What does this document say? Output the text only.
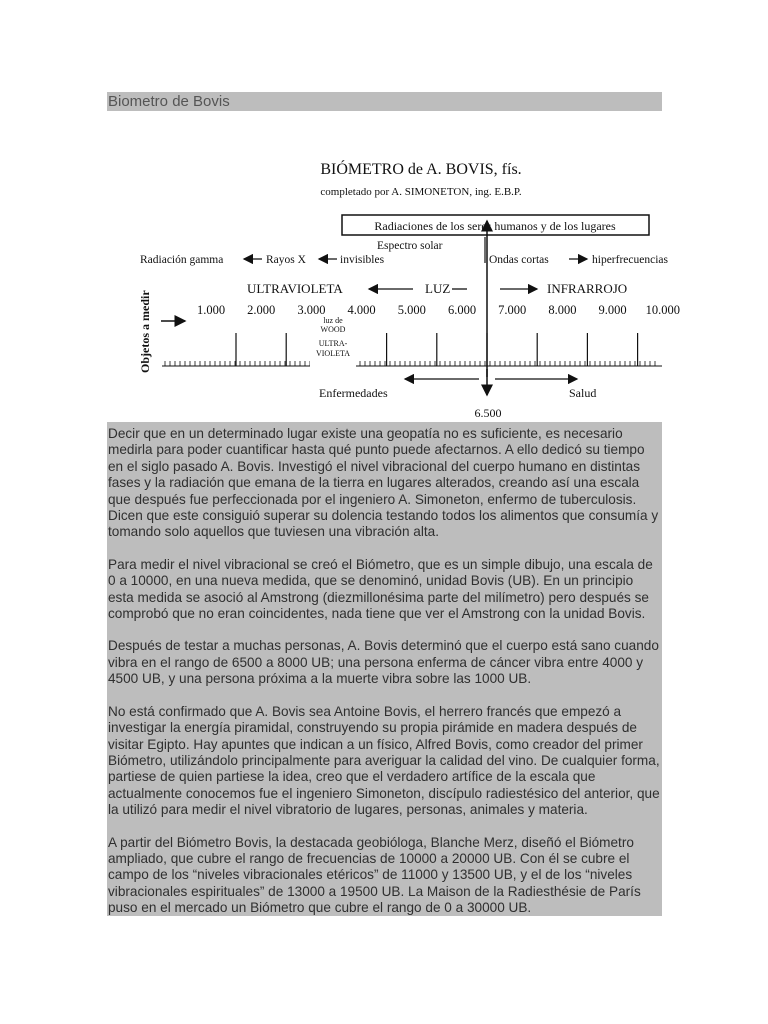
Biometro de Bovis
BIÓMETRO de A. BOVIS, fís.
completado por A. SIMONETON, ing. E.B.P.
Radiaciones de los seres humanos y de los lugares
Espectro solar
Radiación gamma	Rayos X	invisibles	Ondas cortas	hiperfrecuencias
ULTRAVIOLETA	LUZ	INFRARROJO
Objetos a medir	1.000 2.000 3.000 4.000 5.000 6.000 7.000 8.000 9.000 10.000
luz de
WOOD
ULTRA-
VIOLETA
Enfermedades	Salud
6.500

Decir que en un determinado lugar existe una geopatía no es suficiente, es necesario medirla para poder cuantificar hasta qué punto puede afectarnos. A ello dedicó su tiempo en el siglo pasado A. Bovis. Investigó el nivel vibracional del cuerpo humano en distintas fases y la radiación que emana de la tierra en lugares alterados, creando así una escala que después fue perfeccionada por el ingeniero A. Simoneton, enfermo de tuberculosis. Dicen que este consiguió superar su dolencia testando todos los alimentos que consumía y tomando solo aquellos que tuviesen una vibración alta.

Para medir el nivel vibracional se creó el Biómetro, que es un simple dibujo, una escala de 0 a 10000, en una nueva medida, que se denominó, unidad Bovis (UB). En un principio esta medida se asoció al Amstrong (diezmillonésima parte del milímetro) pero después se comprobó que no eran coincidentes, nada tiene que ver el Amstrong con la unidad Bovis.

Después de testar a muchas personas, A. Bovis determinó que el cuerpo está sano cuando vibra en el rango de 6500 a 8000 UB; una persona enferma de cáncer vibra entre 4000 y 4500 UB, y una persona próxima a la muerte vibra sobre las 1000 UB.

No está confirmado que A. Bovis sea Antoine Bovis, el herrero francés que empezó a investigar la energía piramidal, construyendo su propia pirámide en madera después de visitar Egipto. Hay apuntes que indican a un físico, Alfred Bovis, como creador del primer Biómetro, utilizándolo principalmente para averiguar la calidad del vino. De cualquier forma, partiese de quien partiese la idea, creo que el verdadero artífice de la escala que actualmente conocemos fue el ingeniero Simoneton, discípulo radiestésico del anterior, que la utilizó para medir el nivel vibratorio de lugares, personas, animales y materia.

A partir del Biómetro Bovis, la destacada geobióloga, Blanche Merz, diseñó el Biómetro ampliado, que cubre el rango de frecuencias de 10000 a 20000 UB. Con él se cubre el campo de los “niveles vibracionales etéricos” de 11000 y 13500 UB, y el de los “niveles vibracionales espirituales” de 13000 a 19500 UB. La Maison de la Radiesthésie de París puso en el mercado un Biómetro que cubre el rango de 0 a 30000 UB.
